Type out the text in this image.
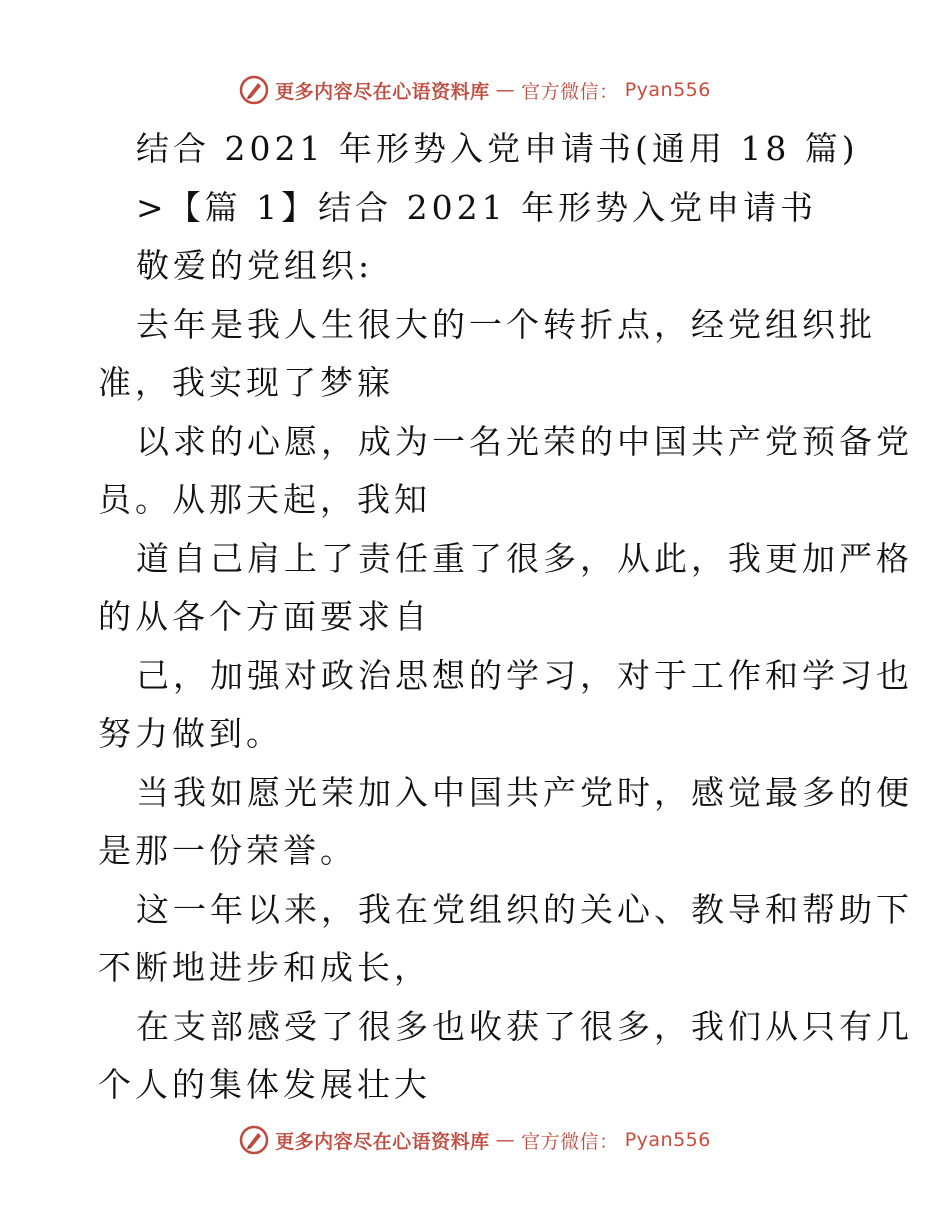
更多内容尽在心语资料库 — 官方微信： Pyan556
结合 2021 年形势入党申请书(通用 18 篇)
>【篇 1】结合 2021 年形势入党申请书
敬爱的党组织:
去年是我人生很大的一个转折点，经党组织批
准，我实现了梦寐
以求的心愿，成为一名光荣的中国共产党预备党
员。从那天起，我知
道自己肩上了责任重了很多，从此，我更加严格
的从各个方面要求自
己，加强对政治思想的学习，对于工作和学习也
努力做到。
当我如愿光荣加入中国共产党时，感觉最多的便
是那一份荣誉。
这一年以来，我在党组织的关心、教导和帮助下
不断地进步和成长，
在支部感受了很多也收获了很多，我们从只有几
个人的集体发展壮大
更多内容尽在心语资料库 — 官方微信： Pyan556
